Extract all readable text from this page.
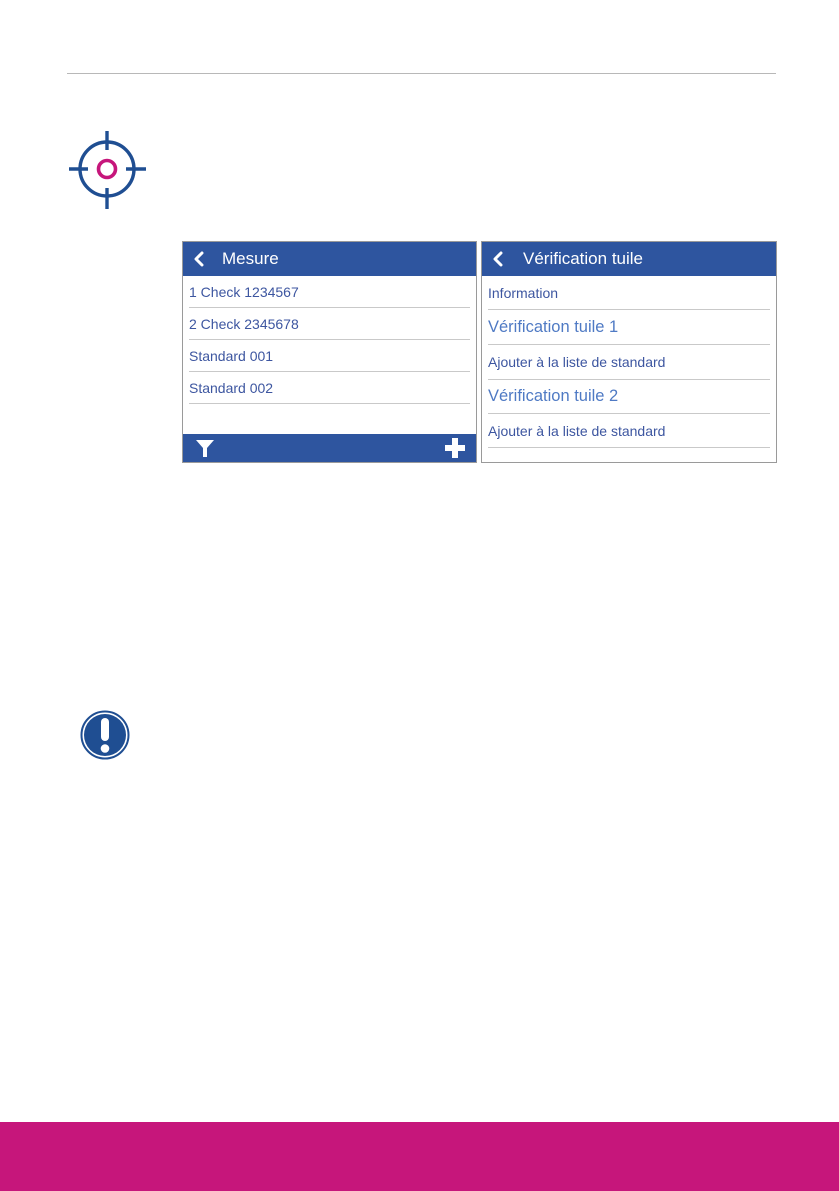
Mesure
1 Check 1234567
2 Check 2345678
Standard 001
Standard 002
Vérification tuile
Information
Vérification tuile 1
Ajouter à la liste de standard
Vérification tuile 2
Ajouter à la liste de standard
